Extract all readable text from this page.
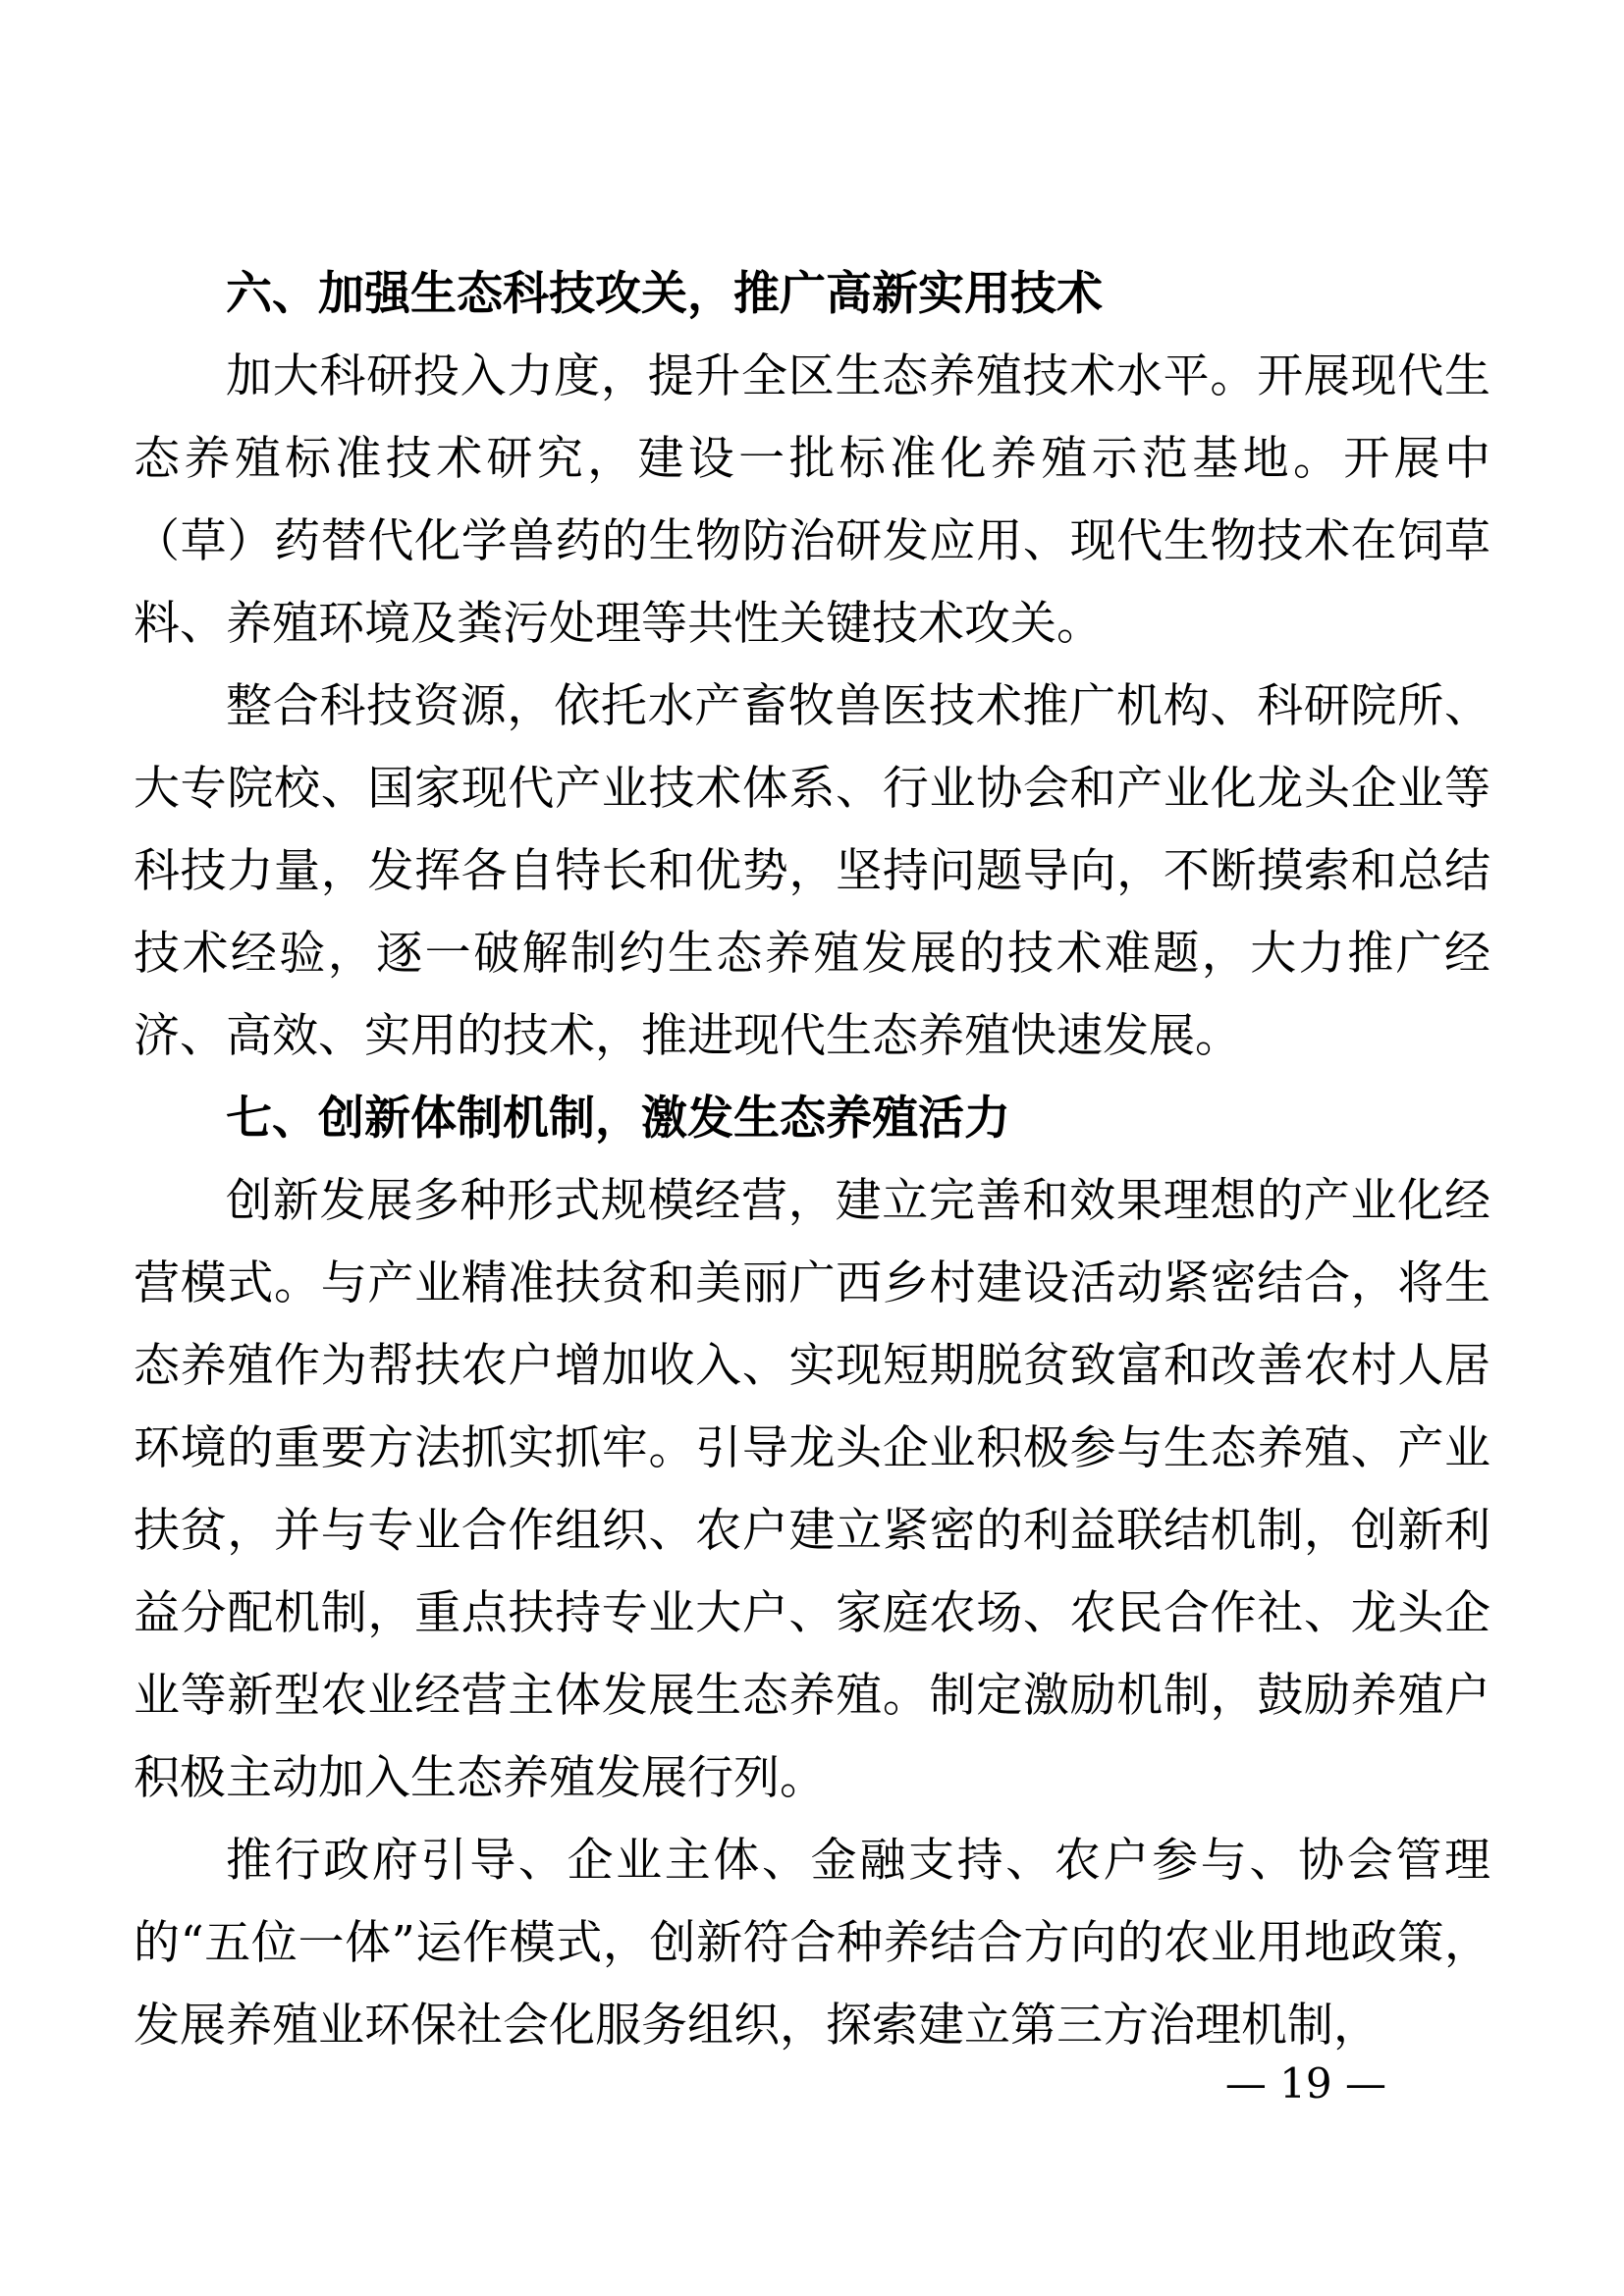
六、加强生态科技攻关，推广高新实用技术

加大科研投入力度，提升全区生态养殖技术水平。开展现代生态养殖标准技术研究，建设一批标准化养殖示范基地。开展中（草）药替代化学兽药的生物防治研发应用、现代生物技术在饲草料、养殖环境及粪污处理等共性关键技术攻关。

整合科技资源，依托水产畜牧兽医技术推广机构、科研院所、大专院校、国家现代产业技术体系、行业协会和产业化龙头企业等科技力量，发挥各自特长和优势，坚持问题导向，不断摸索和总结技术经验，逐一破解制约生态养殖发展的技术难题，大力推广经济、高效、实用的技术，推进现代生态养殖快速发展。

七、创新体制机制，激发生态养殖活力

创新发展多种形式规模经营，建立完善和效果理想的产业化经营模式。与产业精准扶贫和美丽广西乡村建设活动紧密结合，将生态养殖作为帮扶农户增加收入、实现短期脱贫致富和改善农村人居环境的重要方法抓实抓牢。引导龙头企业积极参与生态养殖、产业扶贫，并与专业合作组织、农户建立紧密的利益联结机制，创新利益分配机制，重点扶持专业大户、家庭农场、农民合作社、龙头企业等新型农业经营主体发展生态养殖。制定激励机制，鼓励养殖户积极主动加入生态养殖发展行列。

推行政府引导、企业主体、金融支持、农户参与、协会管理的“五位一体”运作模式，创新符合种养结合方向的农业用地政策，发展养殖业环保社会化服务组织，探索建立第三方治理机制，

— 19 —
